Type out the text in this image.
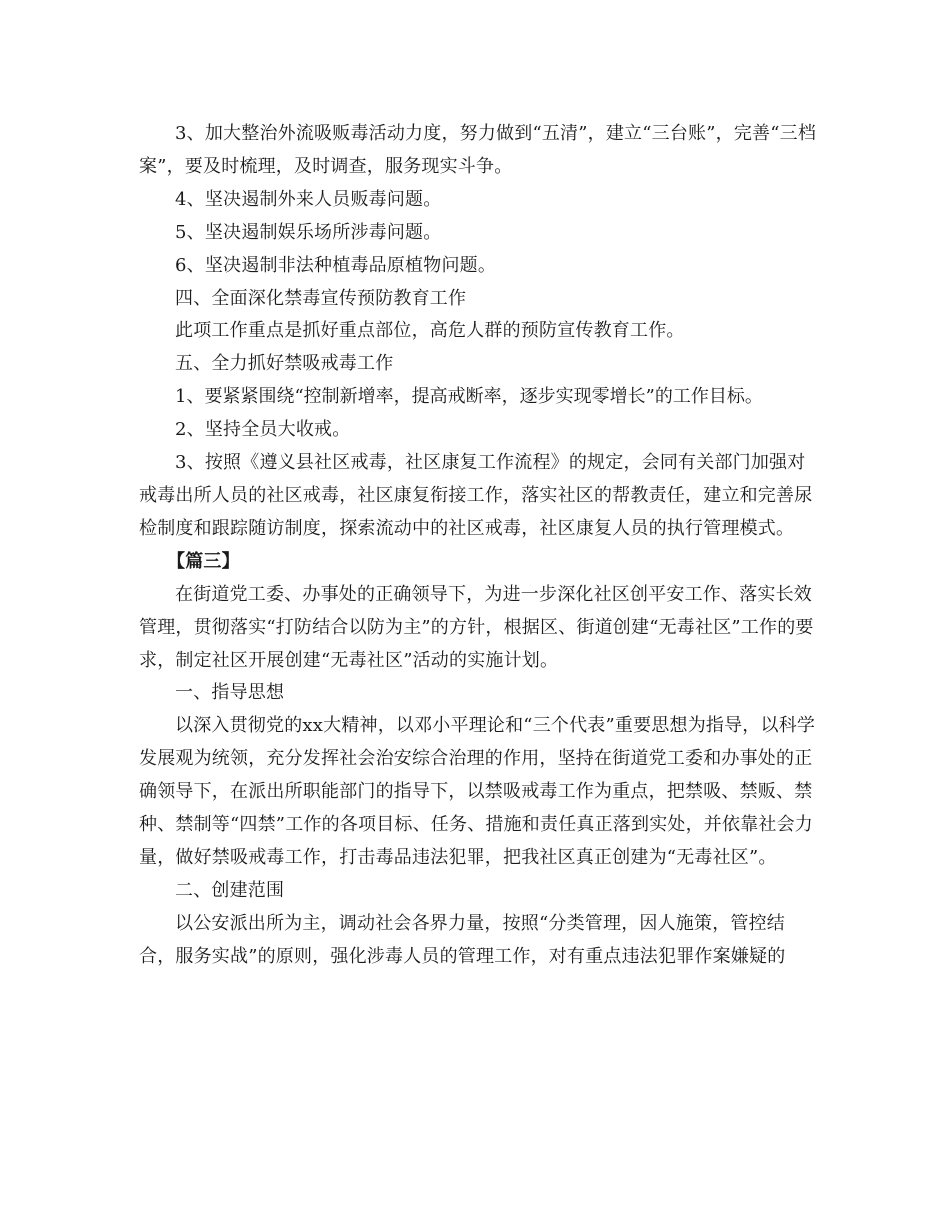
3、加大整治外流吸贩毒活动力度，努力做到“五清”，建立“三台账”，完善“三档案”，要及时梳理，及时调查，服务现实斗争。

4、坚决遏制外来人员贩毒问题。

5、坚决遏制娱乐场所涉毒问题。

6、坚决遏制非法种植毒品原植物问题。

四、全面深化禁毒宣传预防教育工作

此项工作重点是抓好重点部位，高危人群的预防宣传教育工作。

五、全力抓好禁吸戒毒工作

1、要紧紧围绕“控制新增率，提高戒断率，逐步实现零增长”的工作目标。

2、坚持全员大收戒。

3、按照《遵义县社区戒毒，社区康复工作流程》的规定，会同有关部门加强对戒毒出所人员的社区戒毒，社区康复衔接工作，落实社区的帮教责任，建立和完善尿检制度和跟踪随访制度，探索流动中的社区戒毒，社区康复人员的执行管理模式。

【篇三】

在街道党工委、办事处的正确领导下，为进一步深化社区创平安工作、落实长效管理，贯彻落实“打防结合以防为主”的方针，根据区、街道创建“无毒社区”工作的要求，制定社区开展创建“无毒社区”活动的实施计划。

一、指导思想

以深入贯彻党的xx大精神，以邓小平理论和“三个代表”重要思想为指导，以科学发展观为统领，充分发挥社会治安综合治理的作用，坚持在街道党工委和办事处的正确领导下，在派出所职能部门的指导下，以禁吸戒毒工作为重点，把禁吸、禁贩、禁种、禁制等“四禁”工作的各项目标、任务、措施和责任真正落到实处，并依靠社会力量，做好禁吸戒毒工作，打击毒品违法犯罪，把我社区真正创建为“无毒社区”。

二、创建范围

以公安派出所为主，调动社会各界力量，按照“分类管理，因人施策，管控结合，服务实战”的原则，强化涉毒人员的管理工作，对有重点违法犯罪作案嫌疑的
